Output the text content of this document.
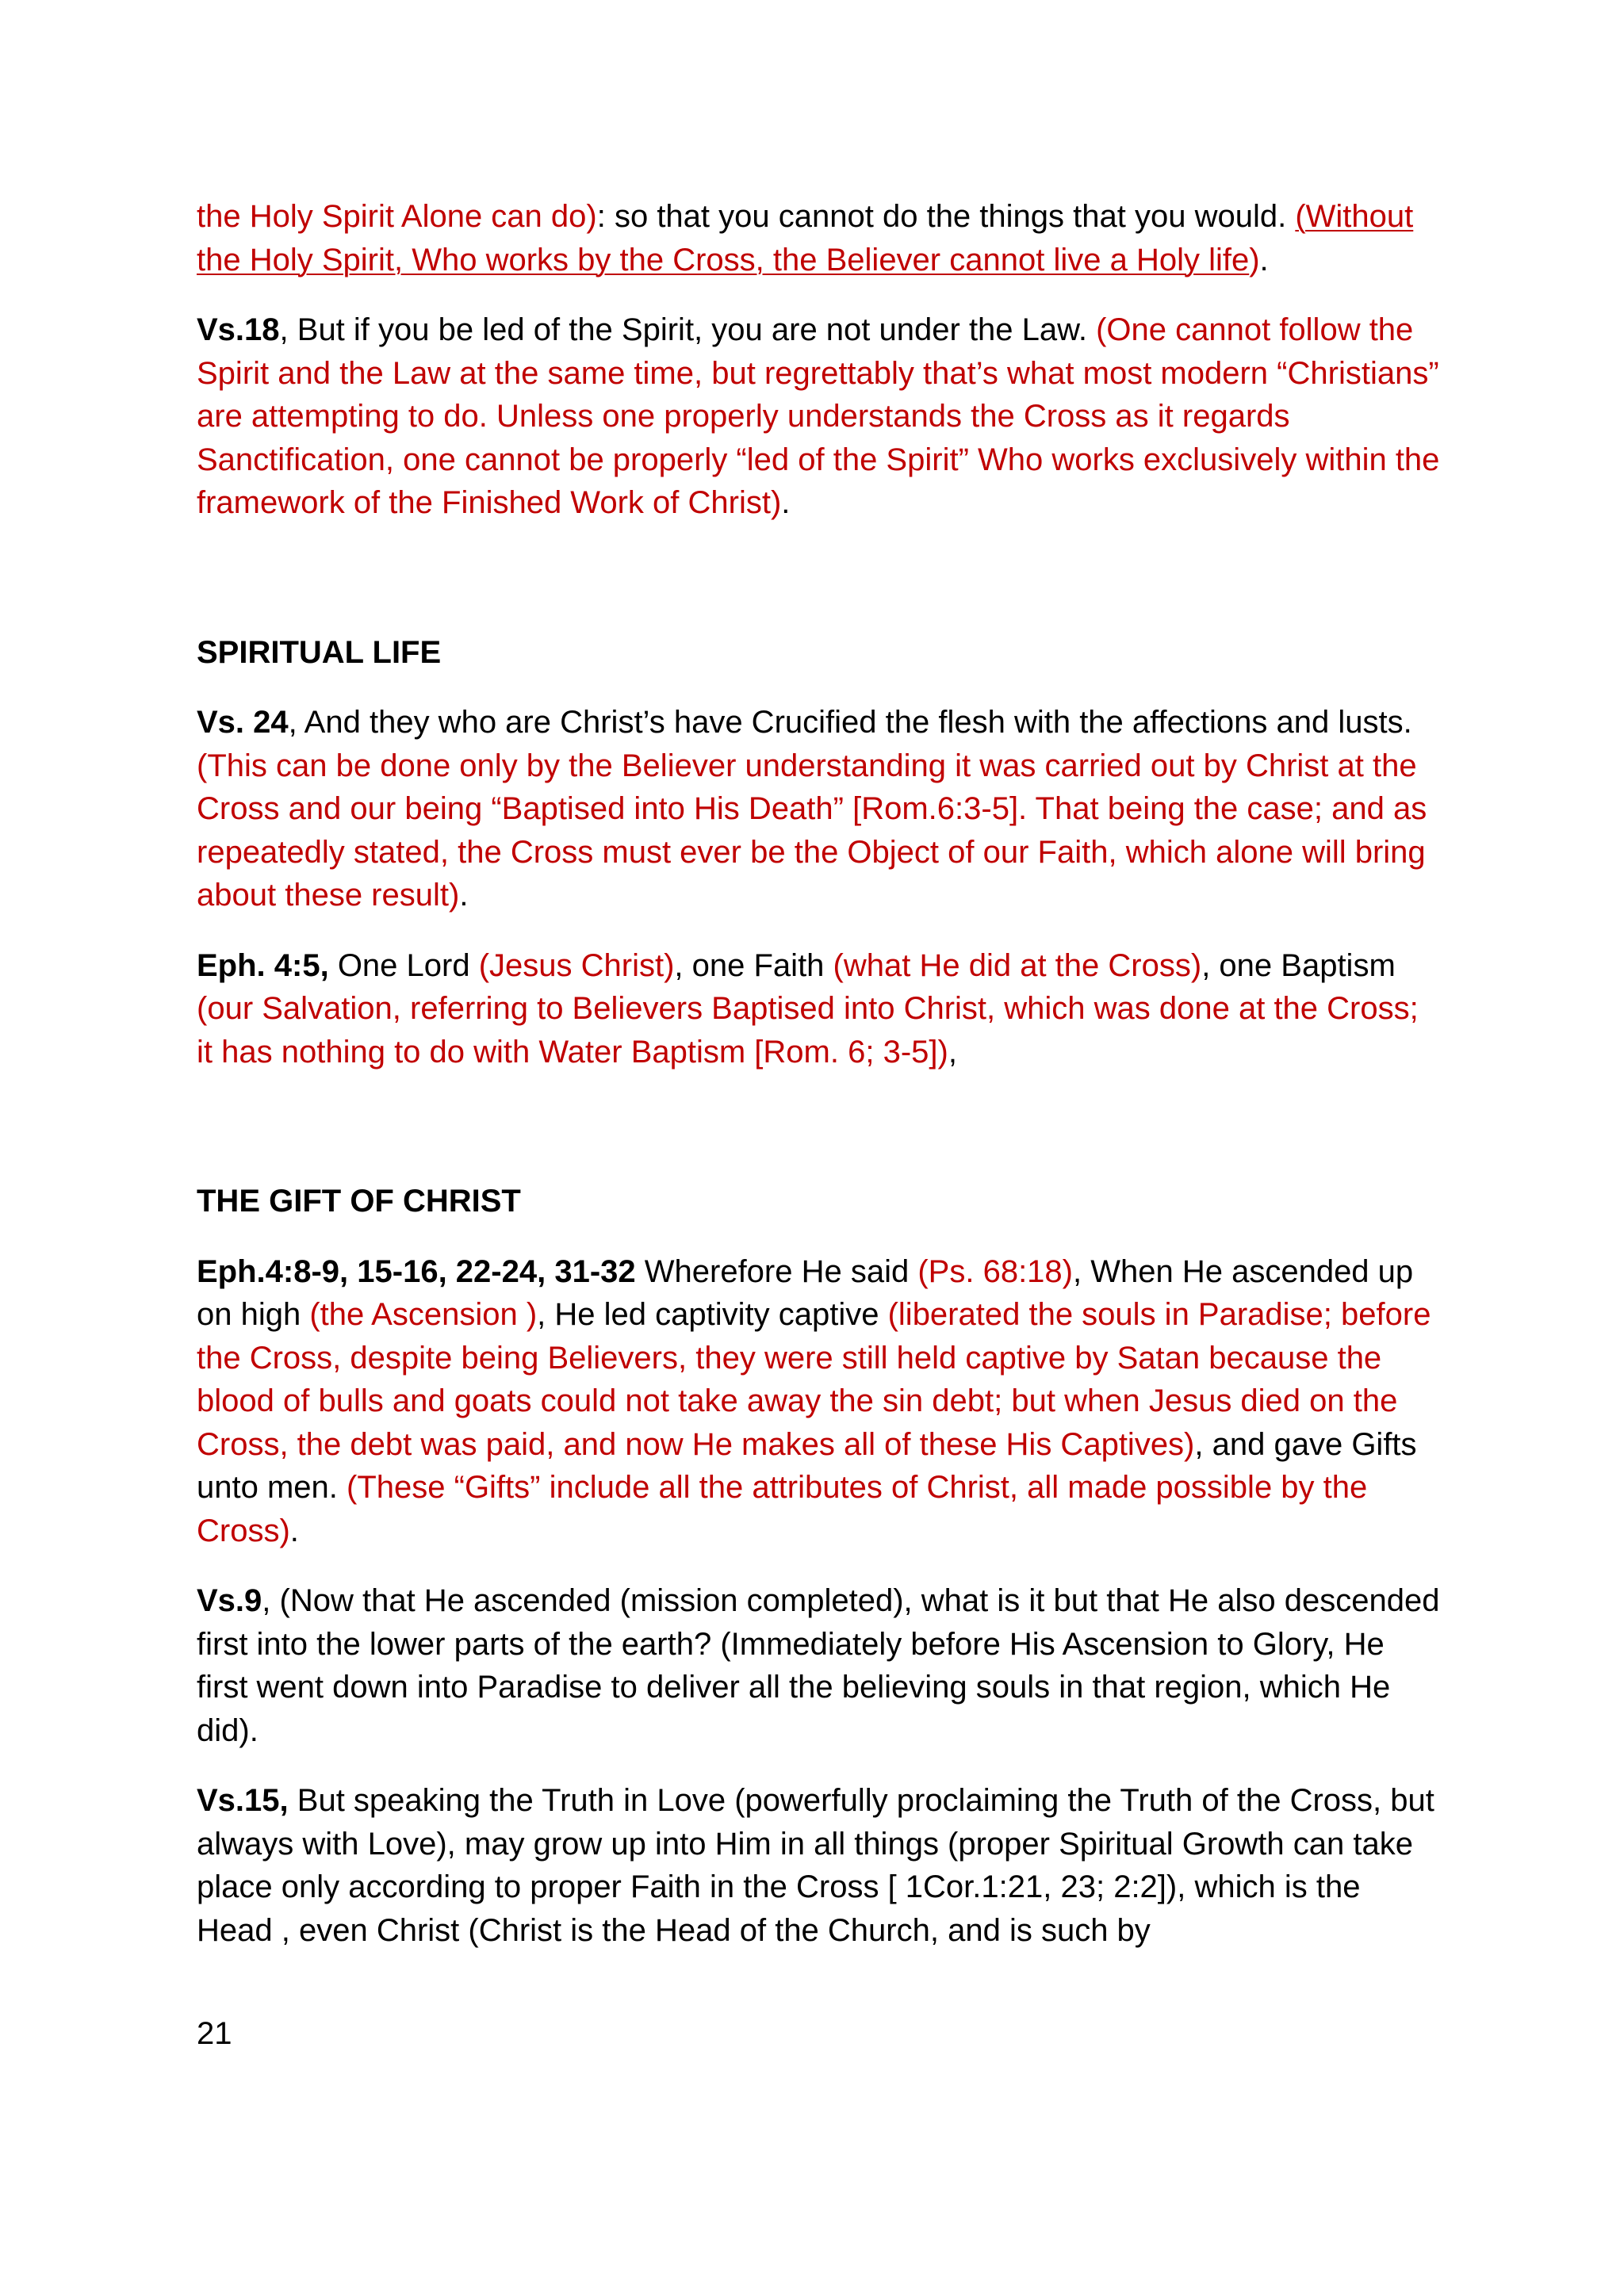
the Holy Spirit Alone can do): so that you cannot do the things that you would. (Without the Holy Spirit, Who works by the Cross, the Believer cannot live a Holy life).

Vs.18, But if you be led of the Spirit, you are not under the Law. (One cannot follow the Spirit and the Law at the same time, but regrettably that’s what most modern “Christians” are attempting to do. Unless one properly understands the Cross as it regards Sanctification, one cannot be properly “led of the Spirit” Who works exclusively within the framework of the Finished Work of Christ).

SPIRITUAL LIFE

Vs. 24, And they who are Christ’s have Crucified the flesh with the affections and lusts. (This can be done only by the Believer understanding it was carried out by Christ at the Cross and our being “Baptised into His Death” [Rom.6:3-5]. That being the case; and as repeatedly stated, the Cross must ever be the Object of our Faith, which alone will bring about these result).

Eph. 4:5, One Lord (Jesus Christ), one Faith (what He did at the Cross), one Baptism (our Salvation, referring to Believers Baptised into Christ, which was done at the Cross; it has nothing to do with Water Baptism [Rom. 6; 3-5]),

THE GIFT OF CHRIST

Eph.4:8-9, 15-16, 22-24, 31-32 Wherefore He said (Ps. 68:18), When He ascended up on high (the Ascension ), He led captivity captive (liberated the souls in Paradise; before the Cross, despite being Believers, they were still held captive by Satan because the blood of bulls and goats could not take away the sin debt; but when Jesus died on the Cross, the debt was paid, and now He makes all of these His Captives), and gave Gifts unto men. (These “Gifts” include all the attributes of Christ, all made possible by the Cross).

Vs.9, (Now that He ascended (mission completed), what is it but that He also descended first into the lower parts of the earth? (Immediately before His Ascension to Glory, He first went down into Paradise to deliver all the believing souls in that region, which He did).

Vs.15, But speaking the Truth in Love (powerfully proclaiming the Truth of the Cross, but always with Love), may grow up into Him in all things (proper Spiritual Growth can take place only according to proper Faith in the Cross [ 1Cor.1:21, 23; 2:2]), which is the Head , even Christ (Christ is the Head of the Church, and is such by

21
